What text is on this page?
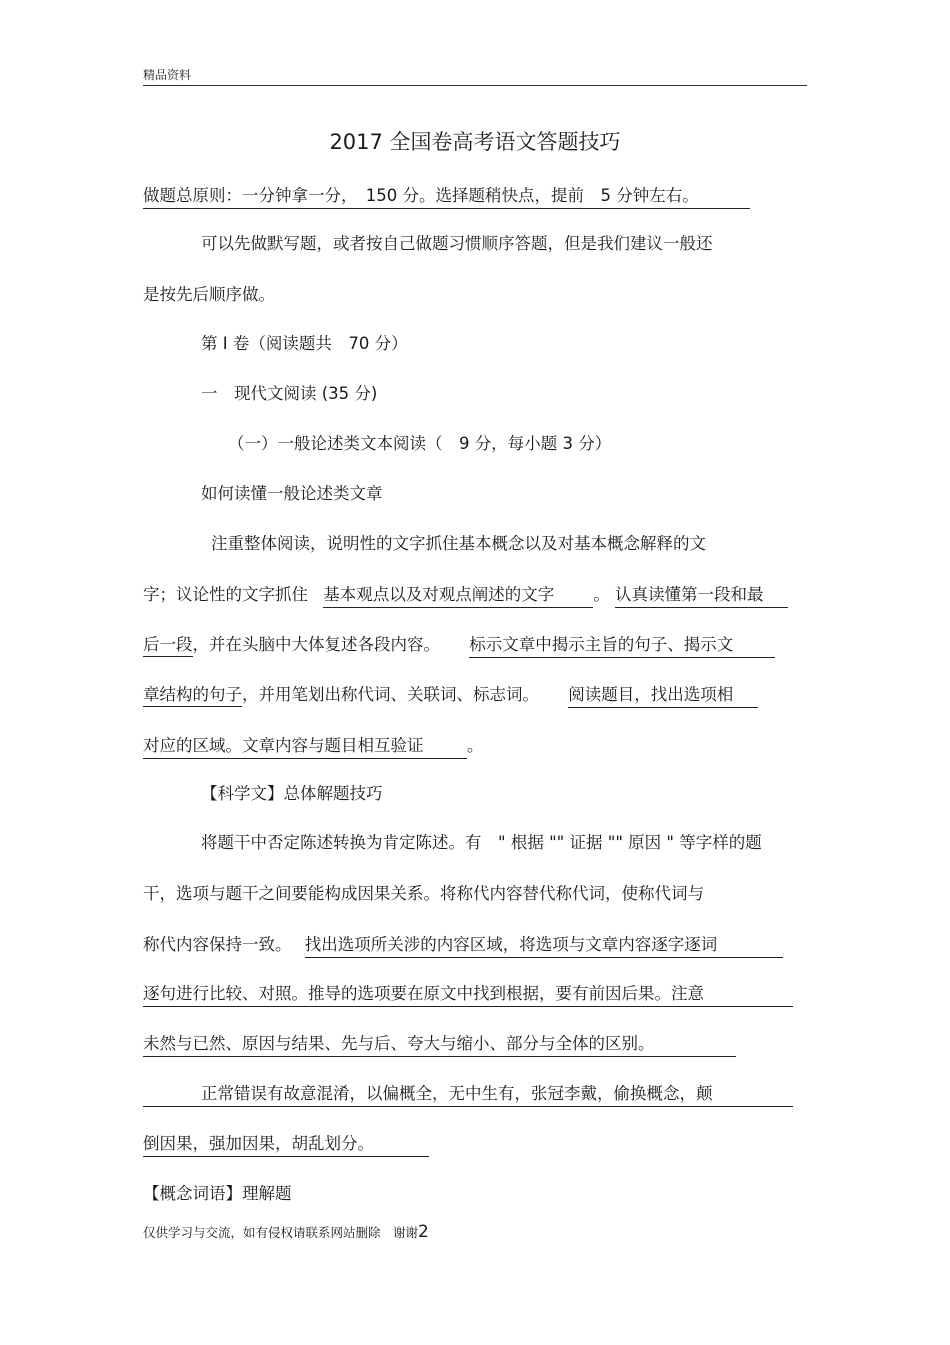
精品资料
2017 全国卷高考语文答题技巧
做题总原则：一分钟拿一分，　150 分。选择题稍快点，提前　5 分钟左右。
可以先做默写题，或者按自己做题习惯顺序答题，但是我们建议一般还
是按先后顺序做。
第 I 卷（阅读题共　70 分）
一　现代文阅读 (35 分)
（一）一般论述类文本阅读（　9 分，每小题 3 分）
如何读懂一般论述类文章
注重整体阅读，说明性的文字抓住基本概念以及对基本概念解释的文
字；议论性的文字抓住 基本观点以及对观点阐述的文字 。 认真读懂第一段和最
后一段，并在头脑中大体复述各段内容。 标示文章中揭示主旨的句子、揭示文
章结构的句子，并用笔划出称代词、关联词、标志词。 阅读题目，找出选项相
对应的区域。文章内容与题目相互验证	。
【科学文】总体解题技巧
将题干中否定陈述转换为肯定陈述。有　" 根据 "" 证据 "" 原因 " 等字样的题
干，选项与题干之间要能构成因果关系。将称代内容替代称代词，使称代词与
称代内容保持一致。 找出选项所关涉的内容区域，将选项与文章内容逐字逐词
逐句进行比较、对照。推导的选项要在原文中找到根据，要有前因后果。注意
未然与已然、原因与结果、先与后、夸大与缩小、部分与全体的区别。
正常错误有故意混淆，以偏概全，无中生有，张冠李戴，偷换概念，颠
倒因果，强加因果，胡乱划分。
【概念词语】理解题
仅供学习与交流，如有侵权请联系网站删除　谢谢2
